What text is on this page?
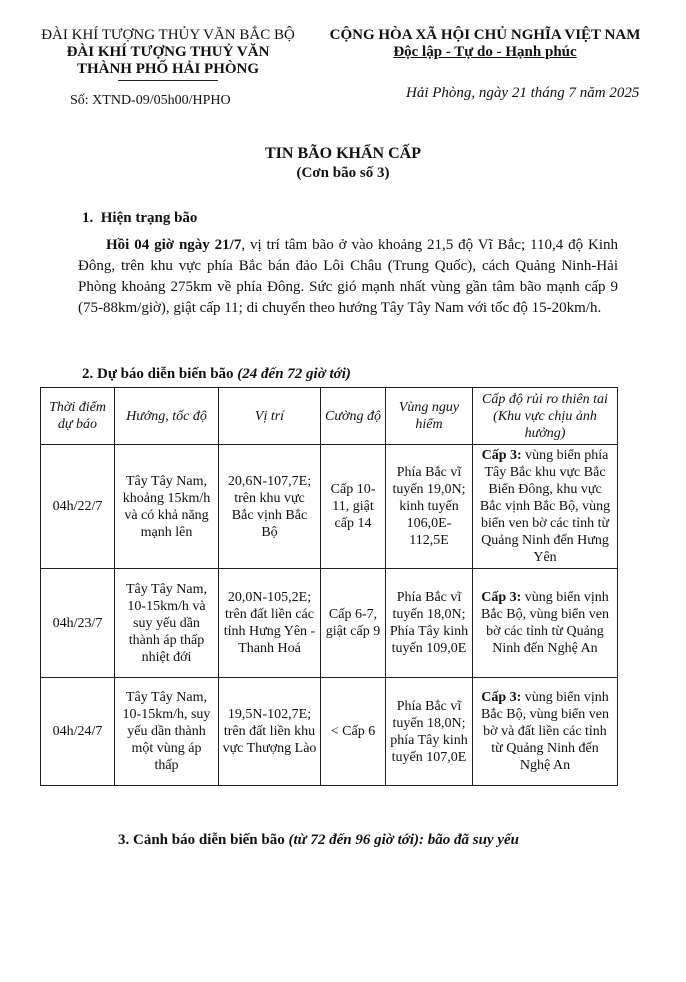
ĐÀI KHÍ TƯỢNG THỦY VĂN BẮC BỘ
ĐÀI KHÍ TƯỢNG THUỶ VĂN
THÀNH PHỐ HẢI PHÒNG
Số: XTND-09/05h00/HPHO
CỘNG HÒA XÃ HỘI CHỦ NGHĨA VIỆT NAM
Độc lập - Tự do - Hạnh phúc
Hải Phòng, ngày 21 tháng 7 năm 2025
TIN BÃO KHẨN CẤP
(Cơn bão số 3)
1. Hiện trạng bão
Hồi 04 giờ ngày 21/7, vị trí tâm bão ở vào khoảng 21,5 độ Vĩ Bắc; 110,4 độ Kinh Đông, trên khu vực phía Bắc bán đảo Lôi Châu (Trung Quốc), cách Quảng Ninh-Hải Phòng khoảng 275km về phía Đông. Sức gió mạnh nhất vùng gần tâm bão mạnh cấp 9 (75-88km/giờ), giật cấp 11; di chuyển theo hướng Tây Tây Nam với tốc độ 15-20km/h.
2. Dự báo diễn biến bão (24 đến 72 giờ tới)
Thời điểm dự báo	Hướng, tốc độ	Vị trí	Cường độ	Vùng nguy hiểm	Cấp độ rủi ro thiên tai (Khu vực chịu ảnh hưởng)
04h/22/7	Tây Tây Nam, khoảng 15km/h và có khả năng mạnh lên	20,6N-107,7E; trên khu vực Bắc vịnh Bắc Bộ	Cấp 10-11, giật cấp 14	Phía Bắc vĩ tuyến 19,0N; kinh tuyến 106,0E-112,5E	Cấp 3: vùng biển phía Tây Bắc khu vực Bắc Biển Đông, khu vực Bắc vịnh Bắc Bộ, vùng biển ven bờ các tỉnh từ Quảng Ninh đến Hưng Yên
04h/23/7	Tây Tây Nam, 10-15km/h và suy yếu dần thành áp thấp nhiệt đới	20,0N-105,2E; trên đất liền các tỉnh Hưng Yên - Thanh Hoá	Cấp 6-7, giật cấp 9	Phía Bắc vĩ tuyến 18,0N; Phía Tây kinh tuyến 109,0E	Cấp 3: vùng biển vịnh Bắc Bộ, vùng biển ven bờ các tỉnh từ Quảng Ninh đến Nghệ An
04h/24/7	Tây Tây Nam, 10-15km/h, suy yếu dần thành một vùng áp thấp	19,5N-102,7E; trên đất liền khu vực Thượng Lào	< Cấp 6	Phía Bắc vĩ tuyến 18,0N; phía Tây kinh tuyến 107,0E	Cấp 3: vùng biển vịnh Bắc Bộ, vùng biển ven bờ và đất liền các tỉnh từ Quảng Ninh đến Nghệ An
3. Cảnh báo diễn biến bão (từ 72 đến 96 giờ tới): bão đã suy yếu
